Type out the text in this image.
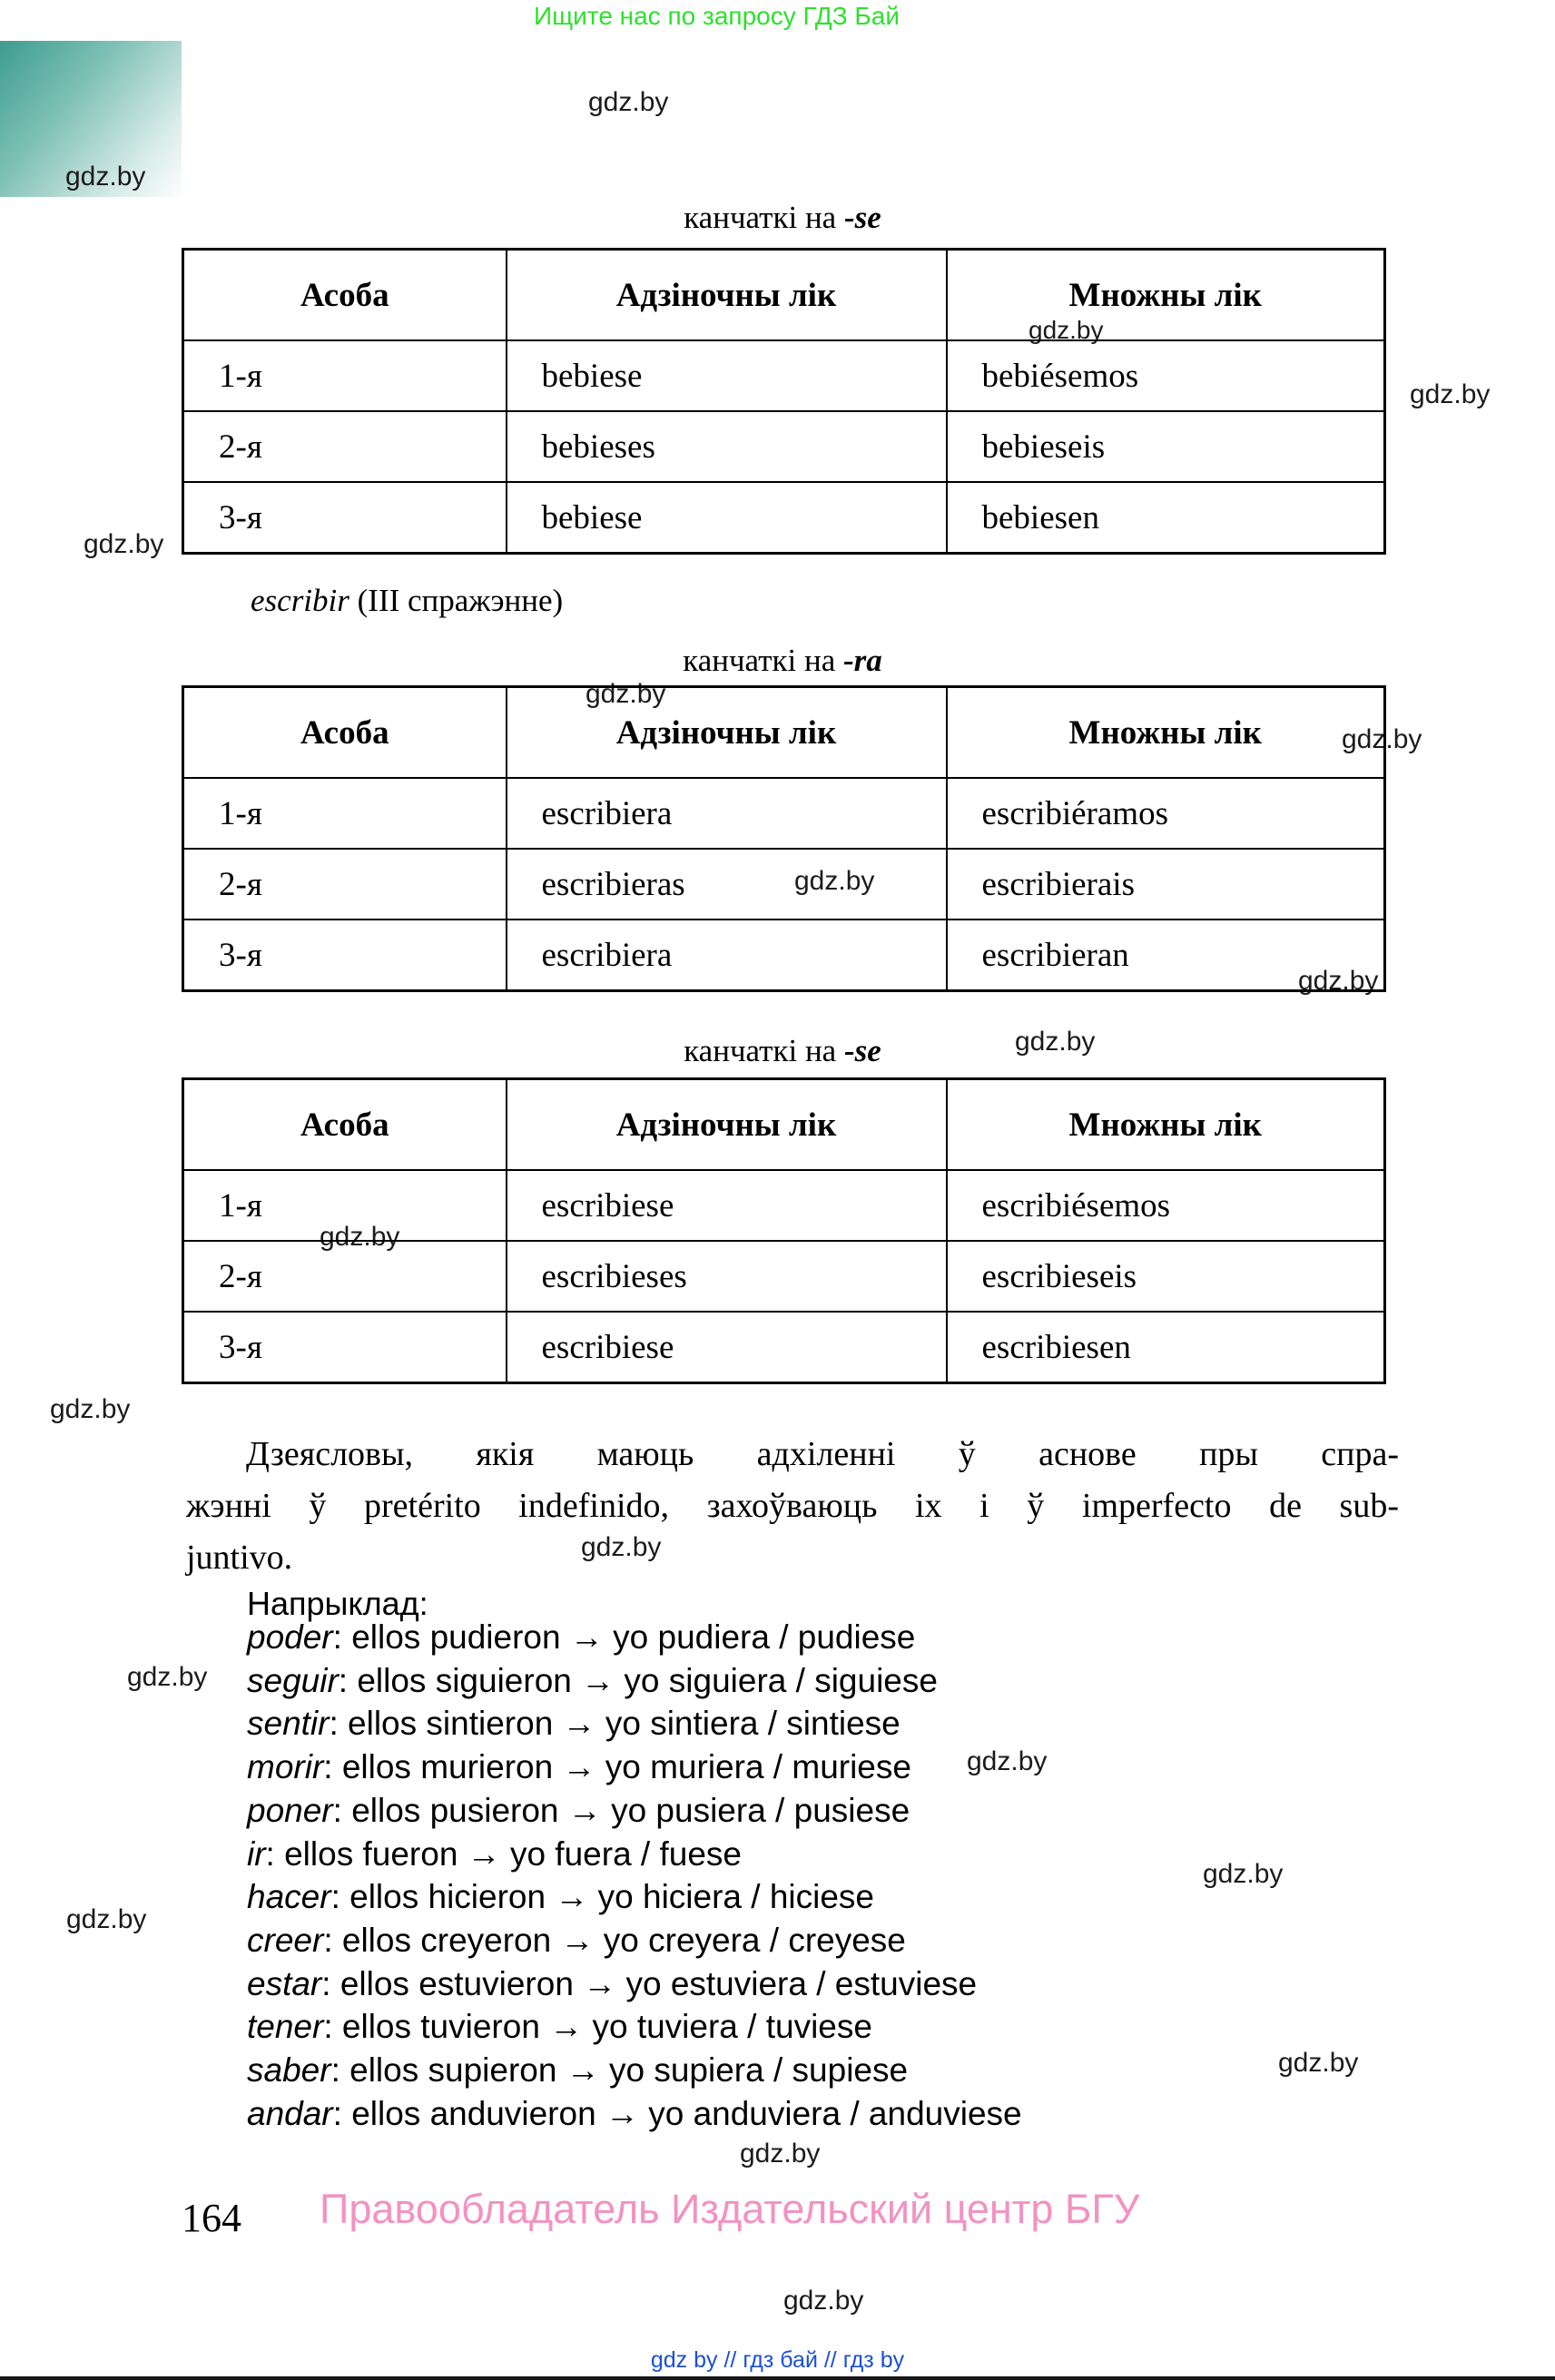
Ищите нас по запросу ГДЗ Бай
gdz.by
gdz.by
gdz.by
gdz.by
gdz.by
gdz.by
gdz.by
gdz.by
gdz.by
gdz.by
gdz.by
gdz.by
gdz.by
gdz.by
gdz.by
gdz.by
gdz.by
gdz.by
gdz.by
gdz.by
канчаткі на -se
Асоба	Адзіночны лік	Множны лік
1-я	bebiese	bebiésemos
2-я	bebieses	bebieseis
3-я	bebiese	bebiesen
escribir (III спражэнне)
канчаткі на -ra
Асоба	Адзіночны лік	Множны лік
1-я	escribiera	escribiéramos
2-я	escribieras	escribierais
3-я	escribiera	escribieran
канчаткі на -se
Асоба	Адзіночны лік	Множны лік
1-я	escribiese	escribiésemos
2-я	escribieses	escribieseis
3-я	escribiese	escribiesen
Дзеясловы, якія маюць адхіленні ў аснове пры спра-
жэнні ў pretérito indefinido, захоўваюць іх і ў imperfecto de sub-
juntivo.
Напрыклад:
poder: ellos pudieron → yo pudiera / pudiese
seguir: ellos siguieron → yo siguiera / siguiese
sentir: ellos sintieron → yo sintiera / sintiese
morir: ellos murieron → yo muriera / muriese
poner: ellos pusieron → yo pusiera / pusiese
ir: ellos fueron → yo fuera / fuese
hacer: ellos hicieron → yo hiciera / hiciese
creer: ellos creyeron → yo creyera / creyese
estar: ellos estuvieron → yo estuviera / estuviese
tener: ellos tuvieron → yo tuviera / tuviese
saber: ellos supieron → yo supiera / supiese
andar: ellos anduvieron → yo anduviera / anduviese
164 Правообладатель Издательский центр БГУ
gdz by // гдз бай // гдз by
